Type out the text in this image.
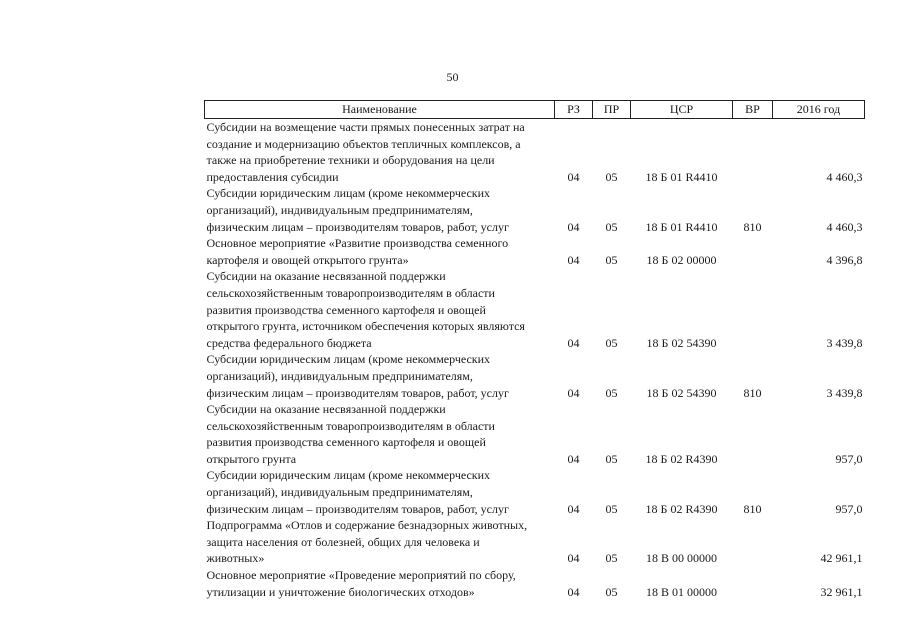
50
Наименование	РЗ	ПР	ЦСР	ВР	2016 год
Субсидии на возмещение части прямых понесенных затрат на
создание и модернизацию объектов тепличных комплексов, а
также на приобретение техники и оборудования на цели
предоставления субсидии	04	05	18 Б 01 R4410		4 460,3
Субсидии юридическим лицам (кроме некоммерческих
организаций), индивидуальным предпринимателям,
физическим лицам – производителям товаров, работ, услуг	04	05	18 Б 01 R4410	810	4 460,3
Основное мероприятие «Развитие производства семенного
картофеля и овощей открытого грунта»	04	05	18 Б 02 00000		4 396,8
Субсидии на оказание несвязанной поддержки
сельскохозяйственным товаропроизводителям в области
развития производства семенного картофеля и овощей
открытого грунта, источником обеспечения которых являются
средства федерального бюджета	04	05	18 Б 02 54390		3 439,8
Субсидии юридическим лицам (кроме некоммерческих
организаций), индивидуальным предпринимателям,
физическим лицам – производителям товаров, работ, услуг	04	05	18 Б 02 54390	810	3 439,8
Субсидии на оказание несвязанной поддержки
сельскохозяйственным товаропроизводителям в области
развития производства семенного картофеля и овощей
открытого грунта	04	05	18 Б 02 R4390		957,0
Субсидии юридическим лицам (кроме некоммерческих
организаций), индивидуальным предпринимателям,
физическим лицам – производителям товаров, работ, услуг	04	05	18 Б 02 R4390	810	957,0
Подпрограмма «Отлов и содержание безнадзорных животных,
защита населения от болезней, общих для человека и
животных»	04	05	18 В 00 00000		42 961,1
Основное мероприятие «Проведение мероприятий по сбору,
утилизации и уничтожение биологических отходов»	04	05	18 В 01 00000		32 961,1
